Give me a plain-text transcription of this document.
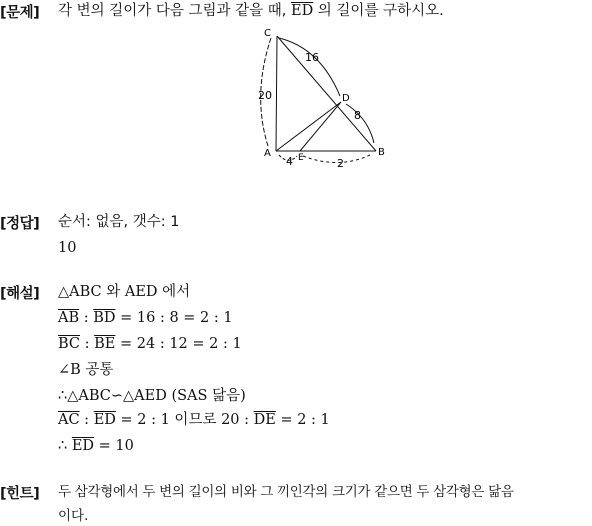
[문제] 각 변의 길이가 다음 그림과 같을 때, $\overline{ED}$ 의 길이를 구하시오.
C
A	B
D
E
16
8
20
4	2
[정답] 순서: 없음, 갯수: 1
10
[해설] △ABC 와 AED 에서
$\overline{AB}$ : $\overline{BD} = 16$ : 8 = 2 : 1
$\overline{BC}$ : $\overline{BE} = 24$ : 12 = 2 : 1
∠B 공통
∴△ABC∽△AED (SAS 닮음)
$\overline{AC}$ : $\overline{ED} = 2$ : 1 이므로 20 : $\overline{DE} = 2$ : 1
∴ $\overline{ED} = 10$
[힌트] 두 삼각형에서 두 변의 길이의 비와 그 끼인각의 크기가 같으면 두 삼각형은 닮음
이다.
